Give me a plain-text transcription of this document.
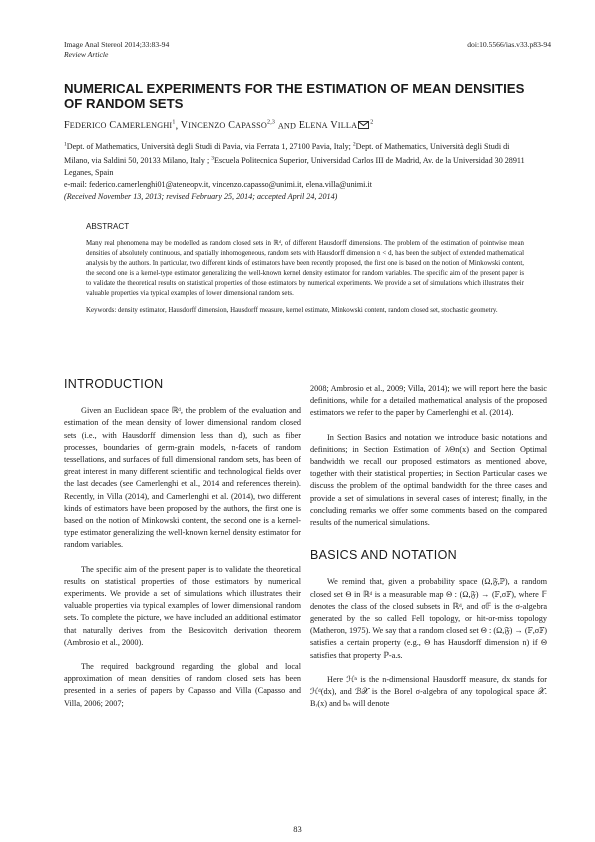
Image Anal Stereol 2014;33:83-94
Review Article
doi:10.5566/ias.v33.p83-94
NUMERICAL EXPERIMENTS FOR THE ESTIMATION OF MEAN DENSITIES OF RANDOM SETS
FEDERICO CAMERLENGHI$^1$, VINCENZO CAPASSO$^{2,3}$ AND ELENA VILLA $^2$
$^1$Dept. of Mathematics, Università degli Studi di Pavia, via Ferrata 1, 27100 Pavia, Italy; $^2$Dept. of Mathematics, Università degli Studi di Milano, via Saldini 50, 20133 Milano, Italy ; $^3$Escuela Politecnica Superior, Universidad Carlos III de Madrid, Av. de la Universidad 30 28911 Leganes, Spain
e-mail: federico.camerlenghi01@ateneopv.it, vincenzo.capasso@unimi.it, elena.villa@unimi.it
(Received November 13, 2013; revised February 25, 2014; accepted April 24, 2014)
ABSTRACT

Many real phenomena may be modelled as random closed sets in ℝᵈ, of different Hausdorff dimensions. The problem of the estimation of pointwise mean densities of absolutely continuous, and spatially inhomogeneous, random sets with Hausdorff dimension n < d, has been the subject of extended mathematical analysis by the authors. In particular, two different kinds of estimators have been recently proposed, the first one is based on the notion of Minkowski content, the second one is a kernel-type estimator generalizing the well-known kernel density estimator for random variables. The specific aim of the present paper is to validate the theoretical results on statistical properties of those estimators by numerical experiments. We provide a set of simulations which illustrates their valuable properties via typical examples of lower dimensional random sets.

Keywords: density estimator, Hausdorff dimension, Hausdorff measure, kernel estimate, Minkowski content, random closed set, stochastic geometry.

INTRODUCTION

Given an Euclidean space ℝᵈ, the problem of the evaluation and estimation of the mean density of lower dimensional random closed sets (i.e., with Hausdorff dimension less than d), such as fiber processes, boundaries of germ-grain models, n-facets of random tessellations, and surfaces of full dimensional random sets, has been of great interest in many different scientific and technological fields over the last decades (see Camerlenghi et al., 2014 and references therein). Recently, in Villa (2014), and Camerlenghi et al. (2014), two different kinds of estimators have been proposed by the authors, the first one is based on the notion of Minkowski content, the second one is a kernel-type estimator generalizing the well-known kernel density estimator for random variables.

The specific aim of the present paper is to validate the theoretical results on statistical properties of those estimators by numerical experiments. We provide a set of simulations which illustrates their valuable properties via typical examples of lower dimensional random sets. To complete the picture, we have included an additional estimator that naturally derives from the Besicovitch derivation theorem (Ambrosio et al., 2000).

The required background regarding the global and local approximation of mean densities of random closed sets has been presented in a series of papers by Capasso and Villa (Capasso and Villa, 2006; 2007;

2008; Ambrosio et al., 2009; Villa, 2014); we will report here the basic definitions, while for a detailed mathematical analysis of the proposed estimators we refer to the paper by Camerlenghi et al. (2014).

In Section Basics and notation we introduce basic notations and definitions; in Section Estimation of λΘn(x) and Section Optimal bandwidth we recall our proposed estimators as mentioned above, together with their statistical properties; in Section Particular cases we discuss the problem of the optimal bandwidth for the three cases and provide a set of simulations in several cases of interest; finally, in the concluding remarks we offer some comments based on the compared results of the numerical simulations.

BASICS AND NOTATION

We remind that, given a probability space (Ω,𝔉,ℙ), a random closed set Θ in ℝᵈ is a measurable map Θ : (Ω,𝔉) → (𝔽,σ𝔽), where 𝔽 denotes the class of the closed subsets in ℝᵈ, and σ𝔽 is the σ-algebra generated by the so called Fell topology, or hit-or-miss topology (Matheron, 1975). We say that a random closed set Θ : (Ω,𝔉) → (𝔽,σ𝔽) satisfies a certain property (e.g., Θ has Hausdorff dimension n) if Θ satisfies that property ℙ-a.s.

Here ℋⁿ is the n-dimensional Hausdorff measure, dx stands for ℋᵈ(dx), and ℬ𝒳 is the Borel σ-algebra of any topological space 𝒳. Bᵣ(x) and bₙ will denote

83
